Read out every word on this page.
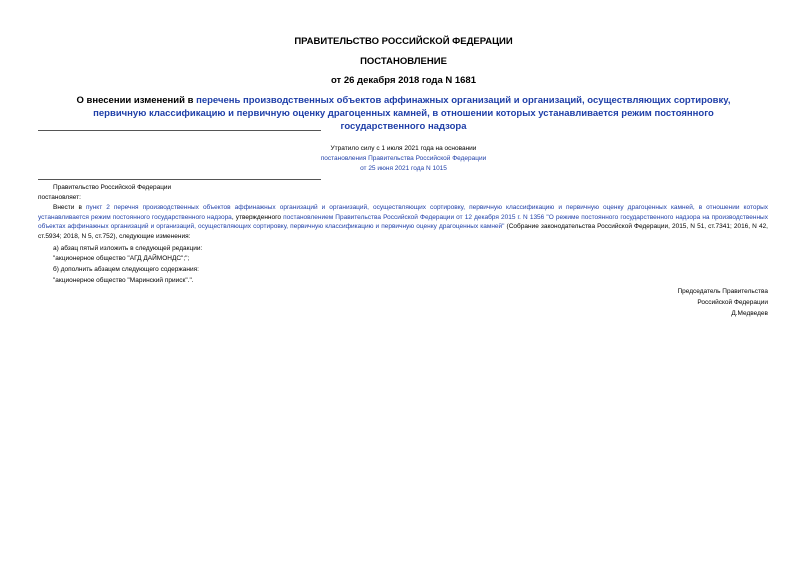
ПРАВИТЕЛЬСТВО РОССИЙСКОЙ ФЕДЕРАЦИИ
ПОСТАНОВЛЕНИЕ
от 26 декабря 2018 года N 1681
О внесении изменений в перечень производственных объектов аффинажных организаций и организаций, осуществляющих сортировку, первичную классификацию и первичную оценку драгоценных камней, в отношении которых устанавливается режим постоянного государственного надзора
Утратило силу с 1 июля 2021 года на основании
постановления Правительства Российской Федерации
от 25 июня 2021 года N 1015
Правительство Российской Федерации
постановляет:
Внести в пункт 2 перечня производственных объектов аффинажных организаций и организаций, осуществляющих сортировку, первичную классификацию и первичную оценку драгоценных камней, в отношении которых устанавливается режим постоянного государственного надзора, утвержденного постановлением Правительства Российской Федерации от 12 декабря 2015 г. N 1356 "О режиме постоянного государственного надзора на производственных объектах аффинажных организаций и организаций, осуществляющих сортировку, первичную классификацию и первичную оценку драгоценных камней" (Собрание законодательства Российской Федерации, 2015, N 51, ст.7341; 2016, N 42, ст.5934; 2018, N 5, ст.752), следующие изменения:
а) абзац пятый изложить в следующей редакции:
"акционерное общество "АГД ДАЙМОНДС";";
б) дополнить абзацем следующего содержания:
"акционерное общество "Маринский прииск".".
Председатель Правительства
Российской Федерации
Д.Медведев
